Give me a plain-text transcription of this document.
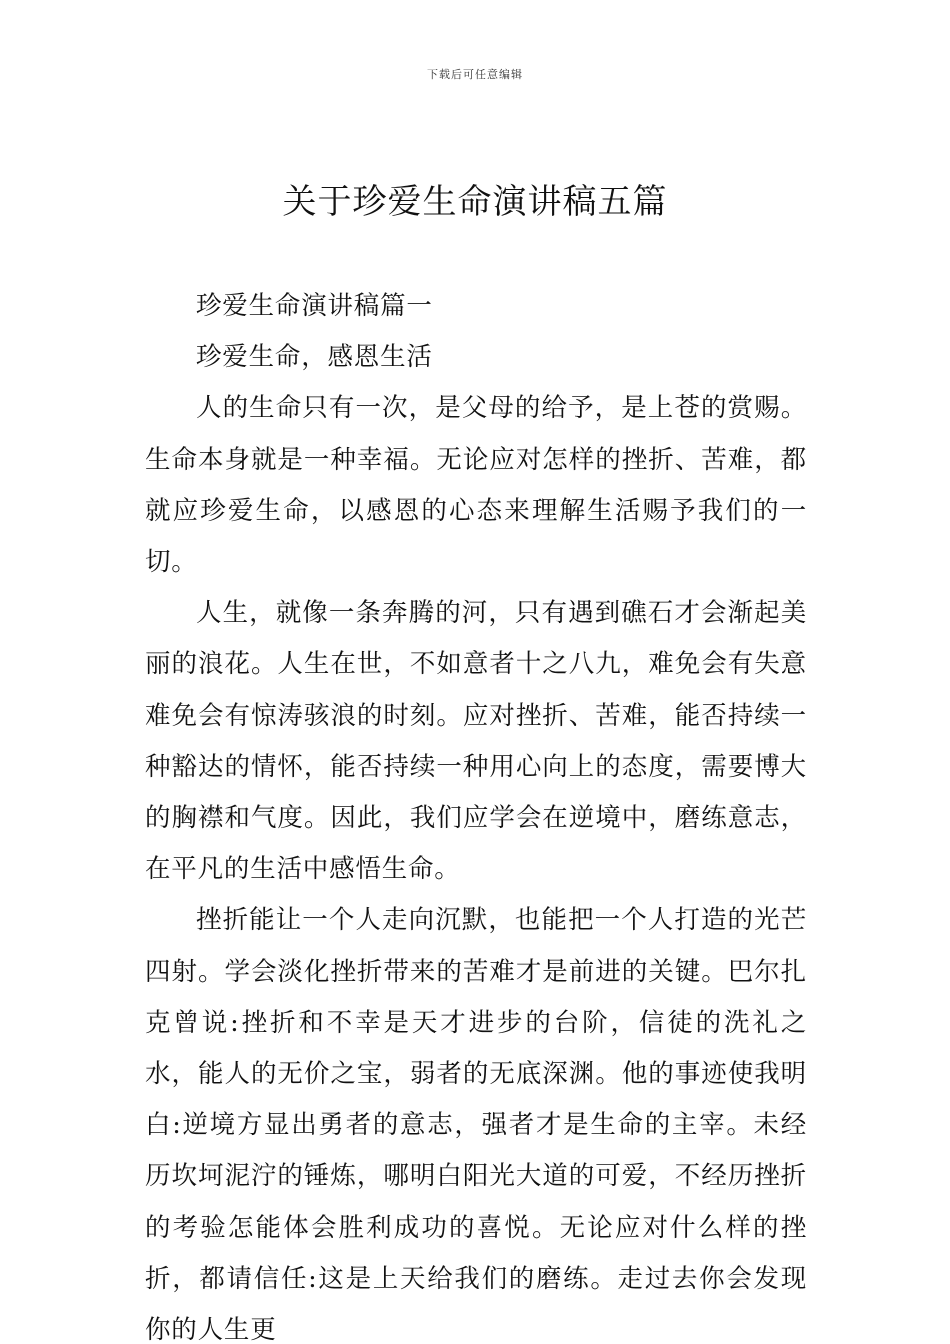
下载后可任意编辑
关于珍爱生命演讲稿五篇

珍爱生命演讲稿篇一

珍爱生命，感恩生活

人的生命只有一次，是父母的给予，是上苍的赏赐。生命本身就是一种幸福。无论应对怎样的挫折、苦难，都就应珍爱生命，以感恩的心态来理解生活赐予我们的一切。

人生，就像一条奔腾的河，只有遇到礁石才会渐起美丽的浪花。人生在世，不如意者十之八九，难免会有失意难免会有惊涛骇浪的时刻。应对挫折、苦难，能否持续一种豁达的情怀，能否持续一种用心向上的态度，需要博大的胸襟和气度。因此，我们应学会在逆境中，磨练意志，在平凡的生活中感悟生命。

挫折能让一个人走向沉默，也能把一个人打造的光芒四射。学会淡化挫折带来的苦难才是前进的关键。巴尔扎克曾说:挫折和不幸是天才进步的台阶，信徒的洗礼之水，能人的无价之宝，弱者的无底深渊。他的事迹使我明白:逆境方显出勇者的意志，强者才是生命的主宰。未经历坎坷泥泞的锤炼，哪明白阳光大道的可爱，不经历挫折的考验怎能体会胜利成功的喜悦。无论应对什么样的挫折，都请信任:这是上天给我们的磨练。走过去你会发现你的人生更
